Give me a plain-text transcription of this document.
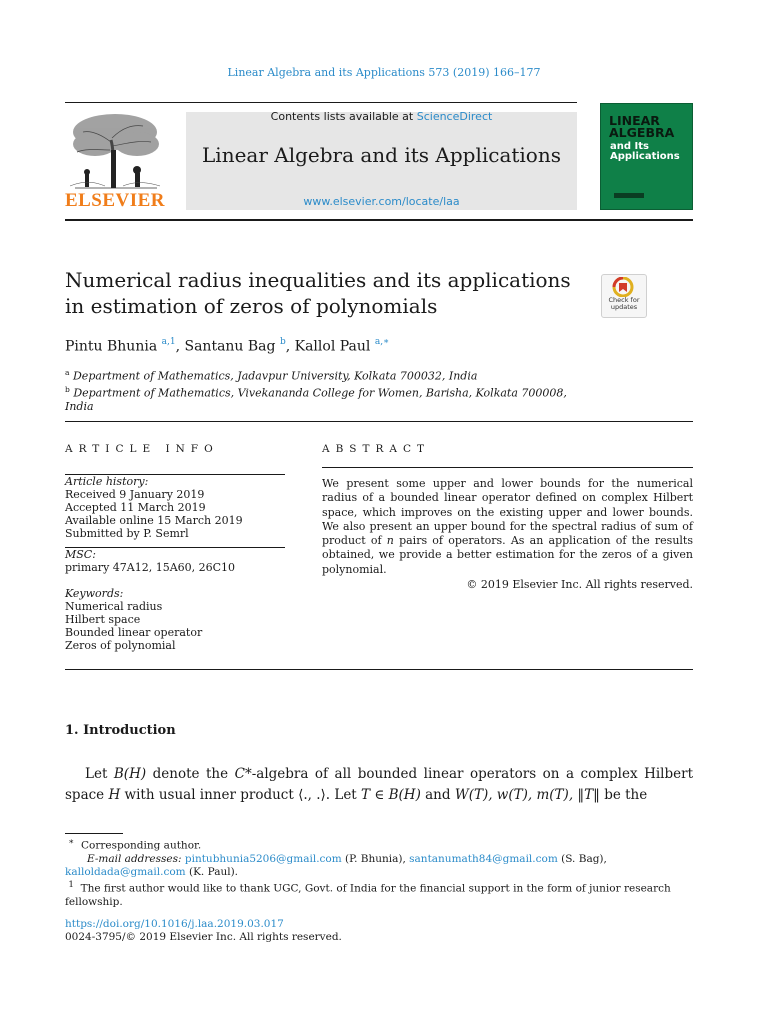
Linear Algebra and its Applications 573 (2019) 166–177
ELSEVIER
Contents lists available at ScienceDirect
Linear Algebra and its Applications
www.elsevier.com/locate/laa
LINEAR ALGEBRA
and Its Applications
Numerical radius inequalities and its applications
in estimation of zeros of polynomials	Check for updates
Pintu Bhunia $^{a,1}$, Santanu Bag $^b$, Kallol Paul $^{a,∗}$
$^a$ Department of Mathematics, Jadavpur University, Kolkata 700032, India
$^b$ Department of Mathematics, Vivekananda College for Women, Barisha, Kolkata 700008, India
ARTICLE INFO	ABSTRACT
Article history:
Received 9 January 2019
Accepted 11 March 2019
Available online 15 March 2019
Submitted by P. Semrl
MSC:
primary 47A12, 15A60, 26C10
Keywords:
Numerical radius
Hilbert space
Bounded linear operator
Zeros of polynomial
We present some upper and lower bounds for the numerical radius of a bounded linear operator defined on complex Hilbert space, which improves on the existing upper and lower bounds. We also present an upper bound for the spectral radius of sum of product of n pairs of operators. As an application of the results obtained, we provide a better estimation for the zeros of a given polynomial.
© 2019 Elsevier Inc. All rights reserved.
1. Introduction

Let B(H) denote the C*-algebra of all bounded linear operators on a complex Hilbert space H with usual inner product ⟨., .⟩. Let T ∈ B(H) and W(T), w(T), m(T), ‖T‖ be the

∗ Corresponding author.
E-mail addresses: pintubhunia5206@gmail.com (P. Bhunia), santanumath84@gmail.com (S. Bag),
kalloldada@gmail.com (K. Paul).
$^1$ The first author would like to thank UGC, Govt. of India for the financial support in the form of junior research fellowship.
https://doi.org/10.1016/j.laa.2019.03.017
0024-3795/© 2019 Elsevier Inc. All rights reserved.
